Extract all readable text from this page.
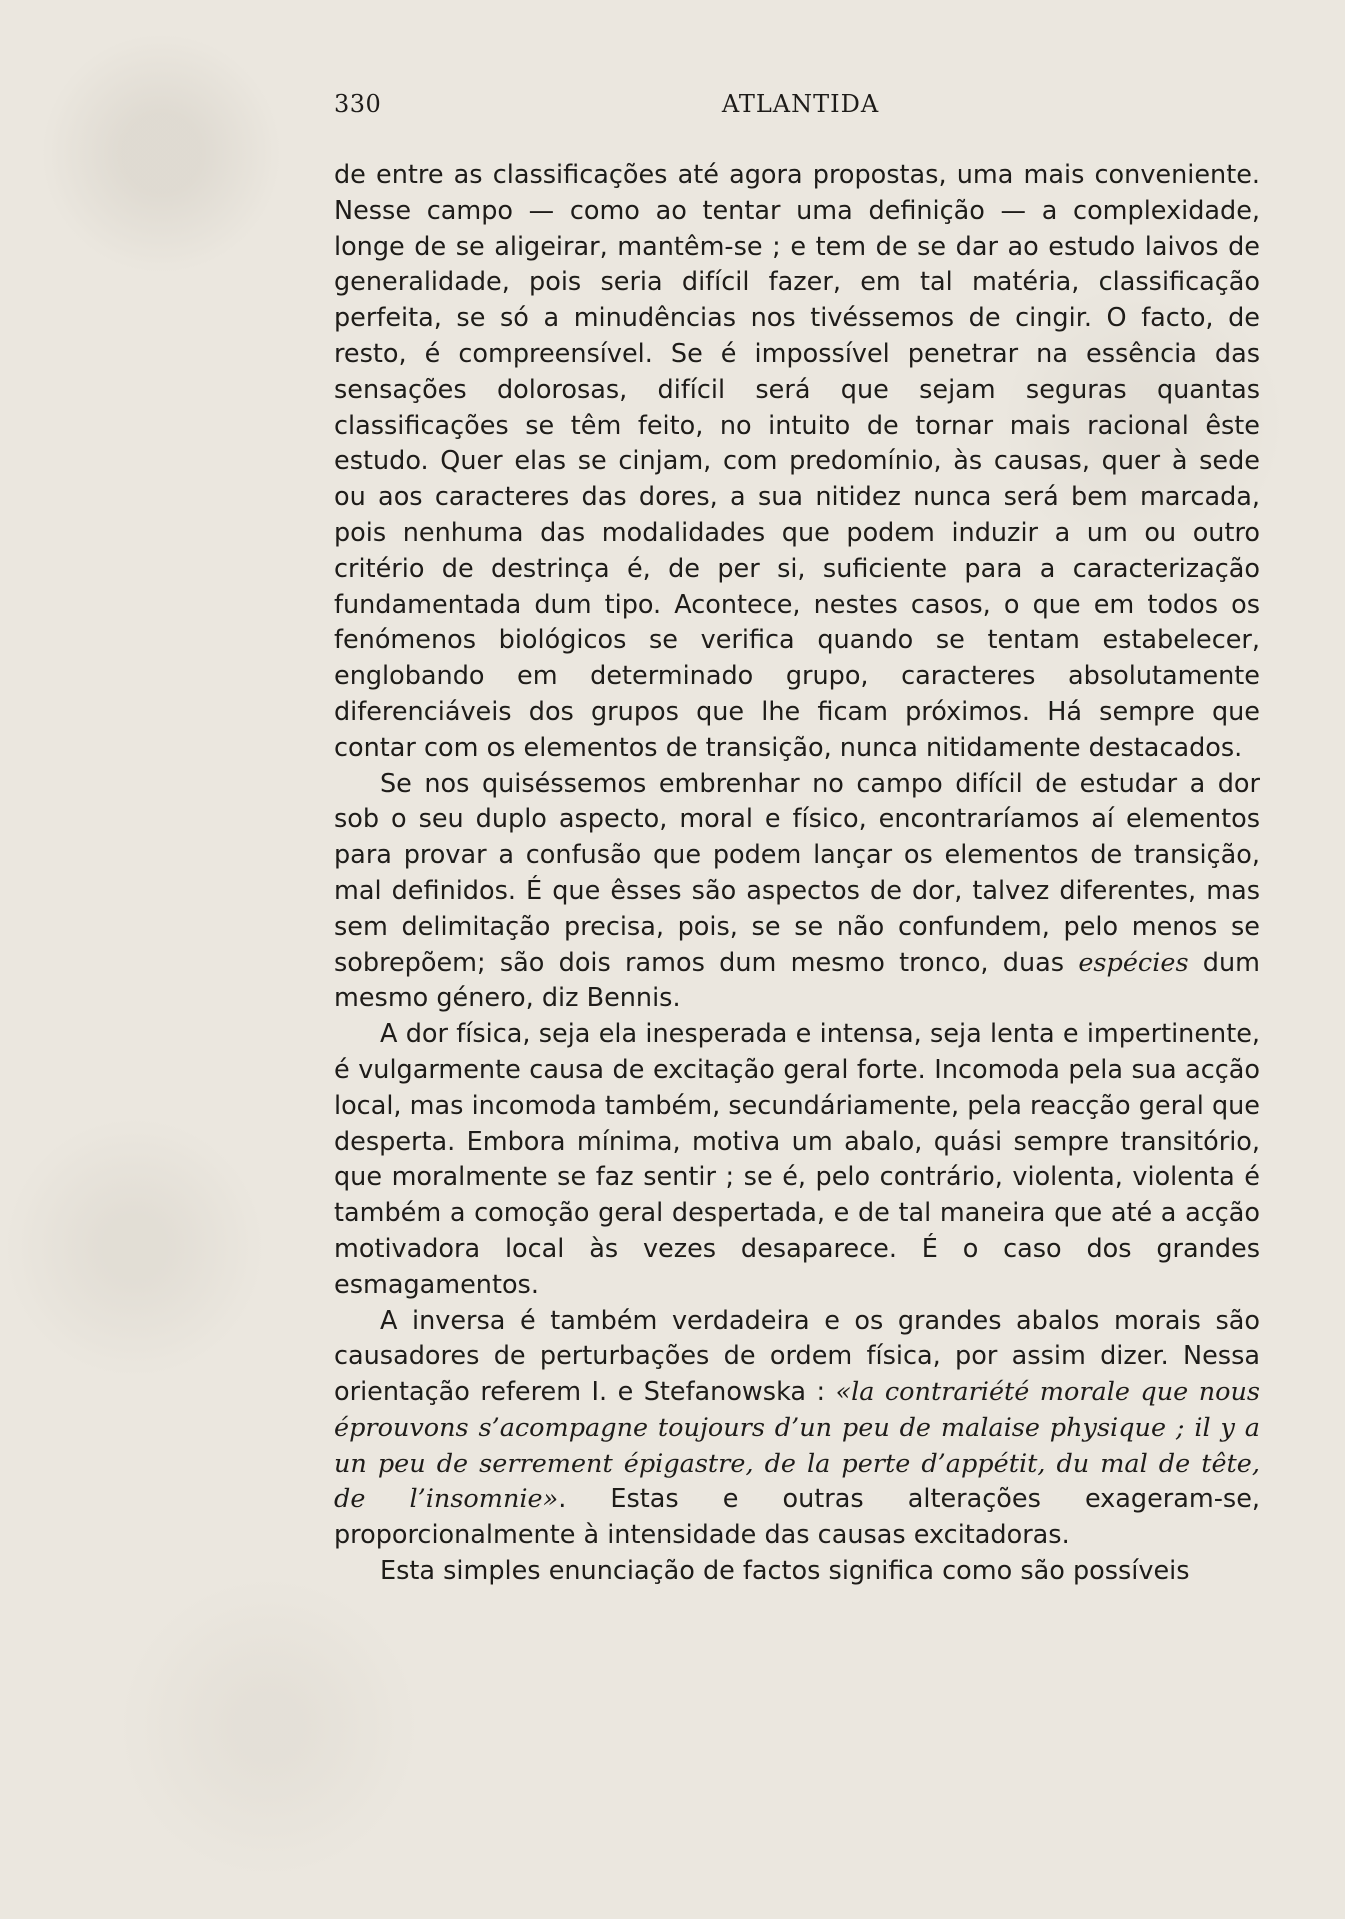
330	ATLANTIDA

de entre as classificações até agora propostas, uma mais conveniente. Nesse campo — como ao tentar uma definição — a complexidade, longe de se aligeirar, mantêm-se ; e tem de se dar ao estudo laivos de generalidade, pois seria difícil fazer, em tal matéria, classificação perfeita, se só a minudências nos tivéssemos de cingir. O facto, de resto, é compreensível. Se é impossível penetrar na essência das sensações dolorosas, difícil será que sejam seguras quantas classificações se têm feito, no intuito de tornar mais racional êste estudo. Quer elas se cinjam, com predomínio, às causas, quer à sede ou aos caracteres das dores, a sua nitidez nunca será bem marcada, pois nenhuma das modalidades que podem induzir a um ou outro critério de destrinça é, de per si, suficiente para a caracterização fundamentada dum tipo. Acontece, nestes casos, o que em todos os fenómenos biológicos se verifica quando se tentam estabelecer, englobando em determinado grupo, caracteres absolutamente diferenciáveis dos grupos que lhe ficam próximos. Há sempre que contar com os elementos de transição, nunca nitidamente destacados.

Se nos quiséssemos embrenhar no campo difícil de estudar a dor sob o seu duplo aspecto, moral e físico, encontraríamos aí elementos para provar a confusão que podem lançar os elementos de transição, mal definidos. É que êsses são aspectos de dor, talvez diferentes, mas sem delimitação precisa, pois, se se não confundem, pelo menos se sobrepõem; são dois ramos dum mesmo tronco, duas espécies dum mesmo género, diz Bennis.

A dor física, seja ela inesperada e intensa, seja lenta e impertinente, é vulgarmente causa de excitação geral forte. Incomoda pela sua acção local, mas incomoda também, secundáriamente, pela reacção geral que desperta. Embora mínima, motiva um abalo, quási sempre transitório, que moralmente se faz sentir ; se é, pelo contrário, violenta, violenta é também a comoção geral despertada, e de tal maneira que até a acção motivadora local às vezes desaparece. É o caso dos grandes esmagamentos.

A inversa é também verdadeira e os grandes abalos morais são causadores de perturbações de ordem física, por assim dizer. Nessa orientação referem I. e Stefanowska : «la contrariété morale que nous éprouvons s’acompagne toujours d’un peu de malaise physique ; il y a un peu de serrement épigastre, de la perte d’appétit, du mal de tête, de l’insomnie». Estas e outras alterações exageram-se, proporcionalmente à intensidade das causas excitadoras.

Esta simples enunciação de factos significa como são possíveis
